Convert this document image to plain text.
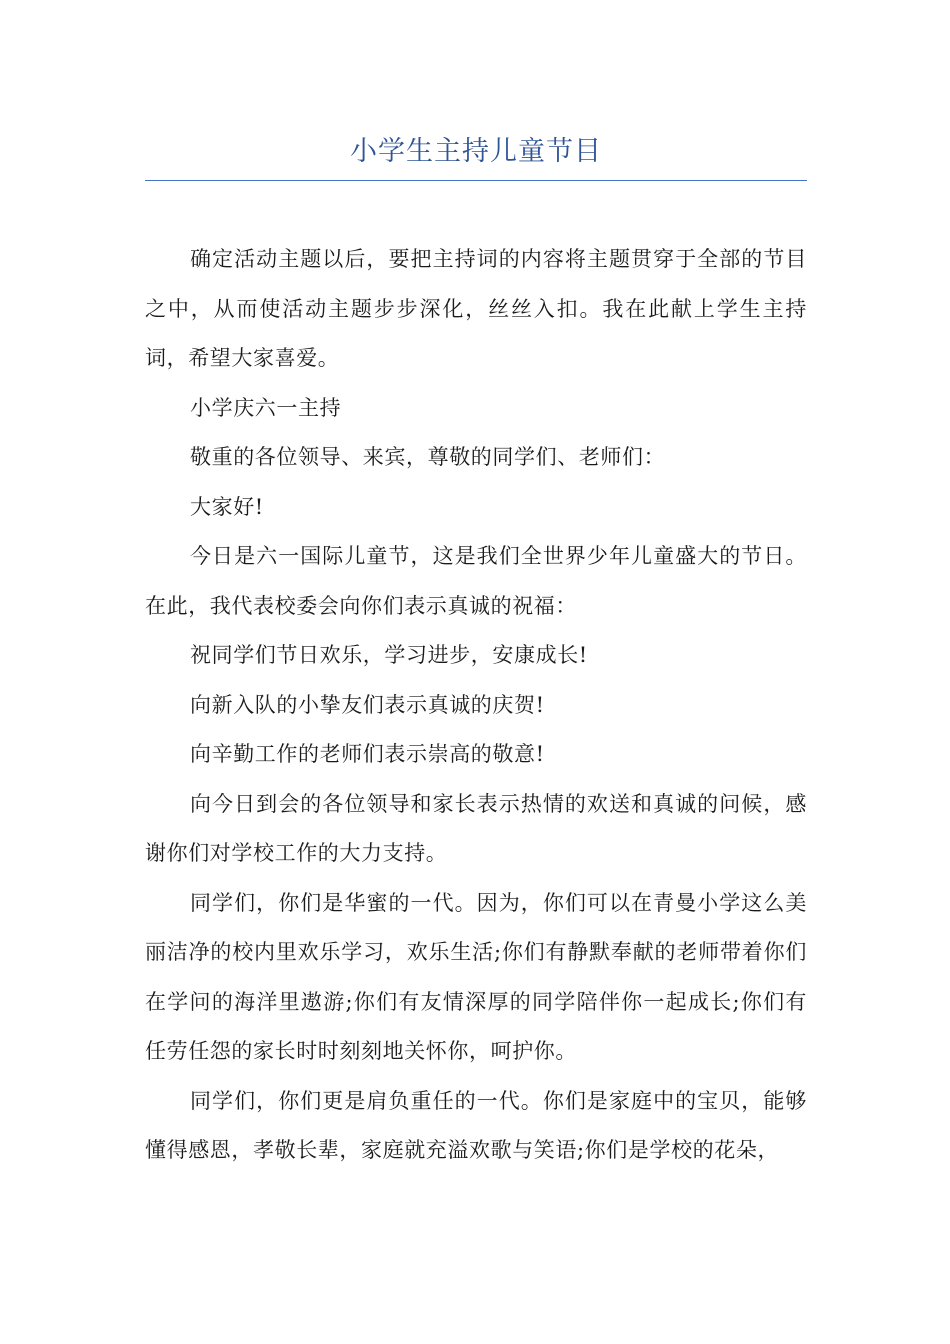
小学生主持儿童节目

确定活动主题以后，要把主持词的内容将主题贯穿于全部的节目之中，从而使活动主题步步深化，丝丝入扣。我在此献上学生主持词，希望大家喜爱。

小学庆六一主持

敬重的各位领导、来宾，尊敬的同学们、老师们：

大家好!

今日是六一国际儿童节，这是我们全世界少年儿童盛大的节日。在此，我代表校委会向你们表示真诚的祝福：

祝同学们节日欢乐，学习进步，安康成长!

向新入队的小挚友们表示真诚的庆贺!

向辛勤工作的老师们表示崇高的敬意!

向今日到会的各位领导和家长表示热情的欢送和真诚的问候，感谢你们对学校工作的大力支持。

同学们，你们是华蜜的一代。因为，你们可以在青曼小学这么美丽洁净的校内里欢乐学习，欢乐生活;你们有静默奉献的老师带着你们在学问的海洋里遨游;你们有友情深厚的同学陪伴你一起成长;你们有任劳任怨的家长时时刻刻地关怀你，呵护你。

同学们，你们更是肩负重任的一代。你们是家庭中的宝贝，能够懂得感恩，孝敬长辈，家庭就充溢欢歌与笑语;你们是学校的花朵，
